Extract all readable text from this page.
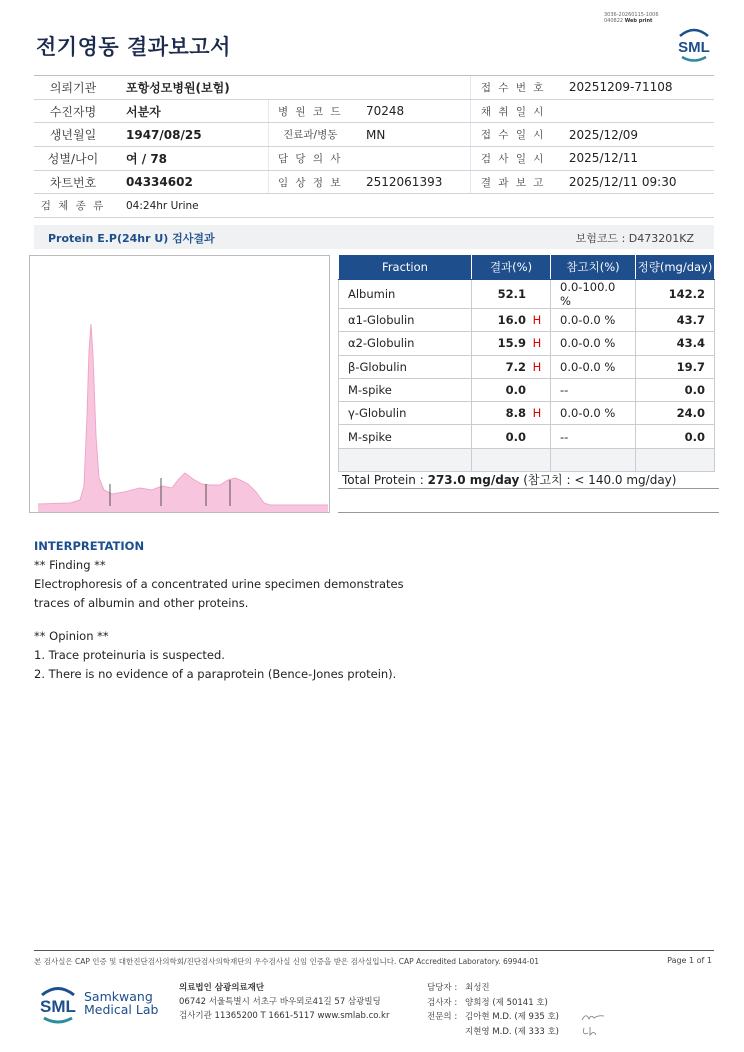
3036-20260115-1006
040822 Web print
전기영동 결과보고서	SML
의뢰기관	포항성모병원(보험)			접 수 번 호	20251209-71108
수진자명	서분자	병 원 코 드	70248	채 취 일 시	
생년월일	1947/08/25	진료과/병동	MN	접 수 일 시	2025/12/09
성별/나이	여 / 78	담 당 의 사		검 사 일 시	2025/12/11
차트번호	04334602	임 상 정 보	2512061393	결 과 보 고	2025/12/11 09:30
검 체 종 류	04:24hr Urine				
Protein E.P(24hr U) 검사결과	보험코드 : D473201KZ
Fraction	결과(%)	참고치(%)	정량(mg/day)
Albumin	52.1	0.0-100.0 %	142.2
α1-Globulin	16.0 H	0.0-0.0 %	43.7
α2-Globulin	15.9 H	0.0-0.0 %	43.4
β-Globulin	7.2 H	0.0-0.0 %	19.7
M-spike	0.0	--	0.0
γ-Globulin	8.8 H	0.0-0.0 %	24.0
M-spike	0.0	--	0.0

Total Protein : 273.0 mg/day (참고치 : < 140.0 mg/day)
INTERPRETATION
** Finding **
Electrophoresis of a concentrated urine specimen demonstrates
traces of albumin and other proteins.
** Opinion **
1. Trace proteinuria is suspected.
2. There is no evidence of a paraprotein (Bence-Jones protein).
본 검사실은 CAP 인증 및 대한진단검사의학회/진단검사의학재단의 우수검사실 신임 인증을 받은 검사실입니다. CAP Accredited Laboratory. 69944-01	Page 1 of 1
SML
Samkwang
Medical Lab
의료법인 삼광의료재단
06742 서울특별시 서초구 바우뫼로41길 57 삼광빌딩
검사기관 11365200 T 1661-5117 www.smlab.co.kr
담당자 : 최성진
검사자 : 양희정 (제 50141 호)
전문의 : 김아현 M.D. (제 935 호)
지현영 M.D. (제 333 호)
